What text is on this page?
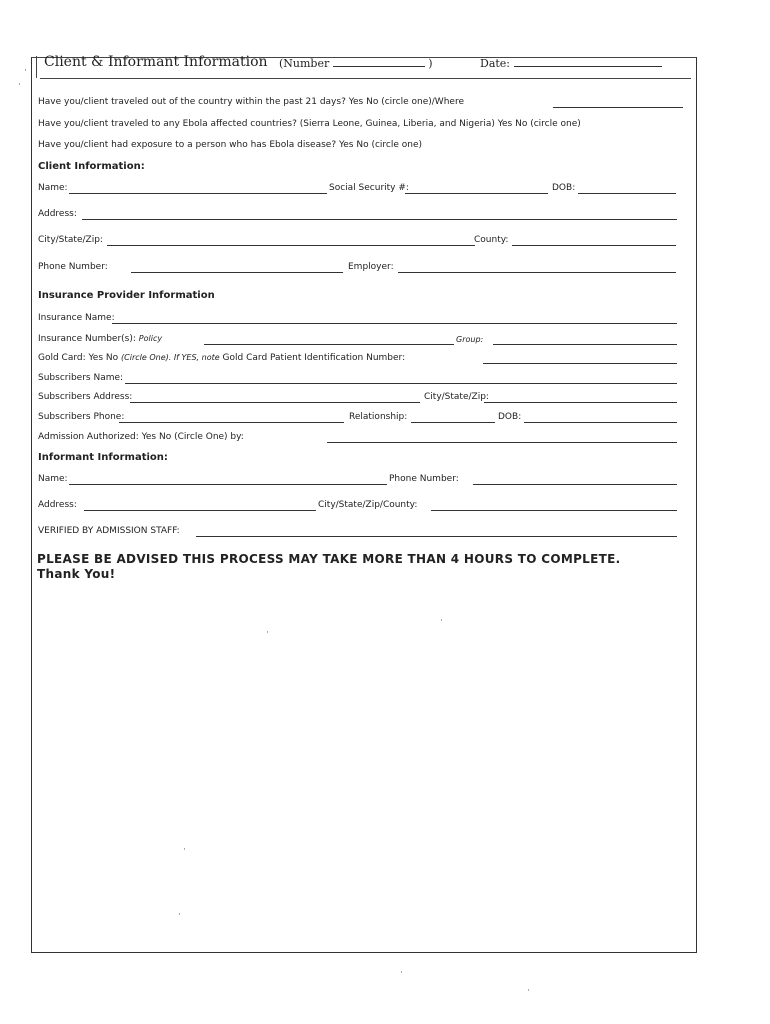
Client & Informant Information (Number	)	Date:
Have you/client traveled out of the country within the past 21 days? Yes No (circle one)/Where
Have you/client traveled to any Ebola affected countries? (Sierra Leone, Guinea, Liberia, and Nigeria) Yes No (circle one)
Have you/client had exposure to a person who has Ebola disease? Yes No (circle one)
Client Information:
Name:	Social Security #:	DOB:
Address:
City/State/Zip:	County:
Phone Number:	Employer:
Insurance Provider Information
Insurance Name:
Insurance Number(s): Policy	Group:
Gold Card: Yes No (Circle One). If YES, note Gold Card Patient Identification Number:
Subscribers Name:
Subscribers Address:	City/State/Zip:
Subscribers Phone:	Relationship:	DOB:
Admission Authorized: Yes No (Circle One) by:
Informant Information:
Name:	Phone Number:
Address:	City/State/Zip/County:
VERIFIED BY ADMISSION STAFF:
PLEASE BE ADVISED THIS PROCESS MAY TAKE MORE THAN 4 HOURS TO COMPLETE.
Thank You!
·
·
·
·
·
·
·
·
